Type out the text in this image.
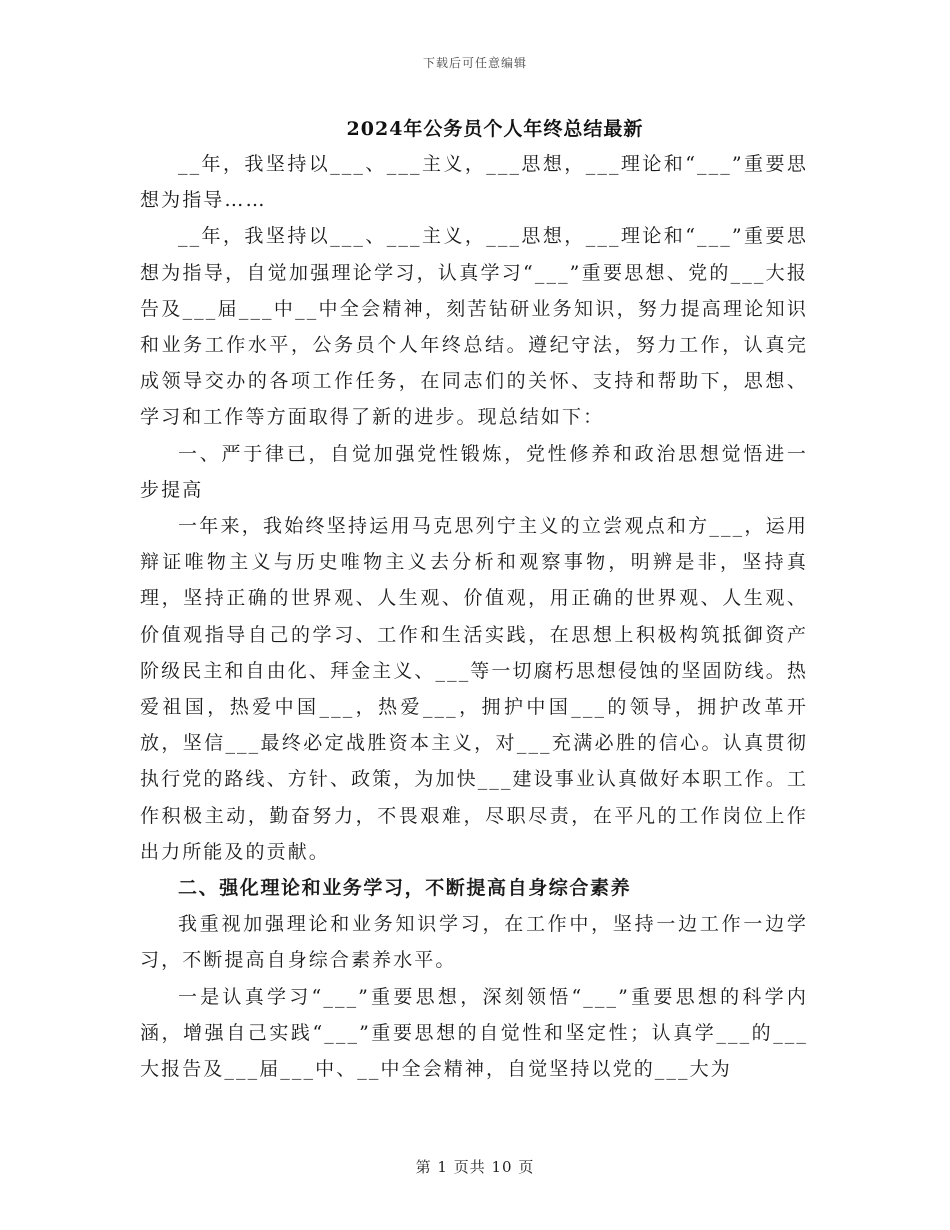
下载后可任意编辑
2024年公务员个人年终总结最新

__年，我坚持以___、___主义，___思想，___理论和“___”重要思想为指导……

__年，我坚持以___、___主义，___思想，___理论和“___”重要思想为指导，自觉加强理论学习，认真学习“___”重要思想、党的___大报告及___届___中__中全会精神，刻苦钻研业务知识，努力提高理论知识和业务工作水平，公务员个人年终总结。遵纪守法，努力工作，认真完成领导交办的各项工作任务，在同志们的关怀、支持和帮助下，思想、学习和工作等方面取得了新的进步。现总结如下：

一、严于律已，自觉加强党性锻炼，党性修养和政治思想觉悟进一步提高

一年来，我始终坚持运用马克思列宁主义的立尝观点和方___，运用辩证唯物主义与历史唯物主义去分析和观察事物，明辨是非，坚持真理，坚持正确的世界观、人生观、价值观，用正确的世界观、人生观、价值观指导自己的学习、工作和生活实践，在思想上积极构筑抵御资产阶级民主和自由化、拜金主义、___等一切腐朽思想侵蚀的坚固防线。热爱祖国，热爱中国___，热爱___，拥护中国___的领导，拥护改革开放，坚信___最终必定战胜资本主义，对___充满必胜的信心。认真贯彻执行党的路线、方针、政策，为加快___建设事业认真做好本职工作。工作积极主动，勤奋努力，不畏艰难，尽职尽责，在平凡的工作岗位上作出力所能及的贡献。

二、强化理论和业务学习，不断提高自身综合素养

我重视加强理论和业务知识学习，在工作中，坚持一边工作一边学习，不断提高自身综合素养水平。

一是认真学习“___”重要思想，深刻领悟“___”重要思想的科学内涵，增强自己实践“___”重要思想的自觉性和坚定性；认真学___的___大报告及___届___中、__中全会精神，自觉坚持以党的___大为

第 1 页共 10 页
